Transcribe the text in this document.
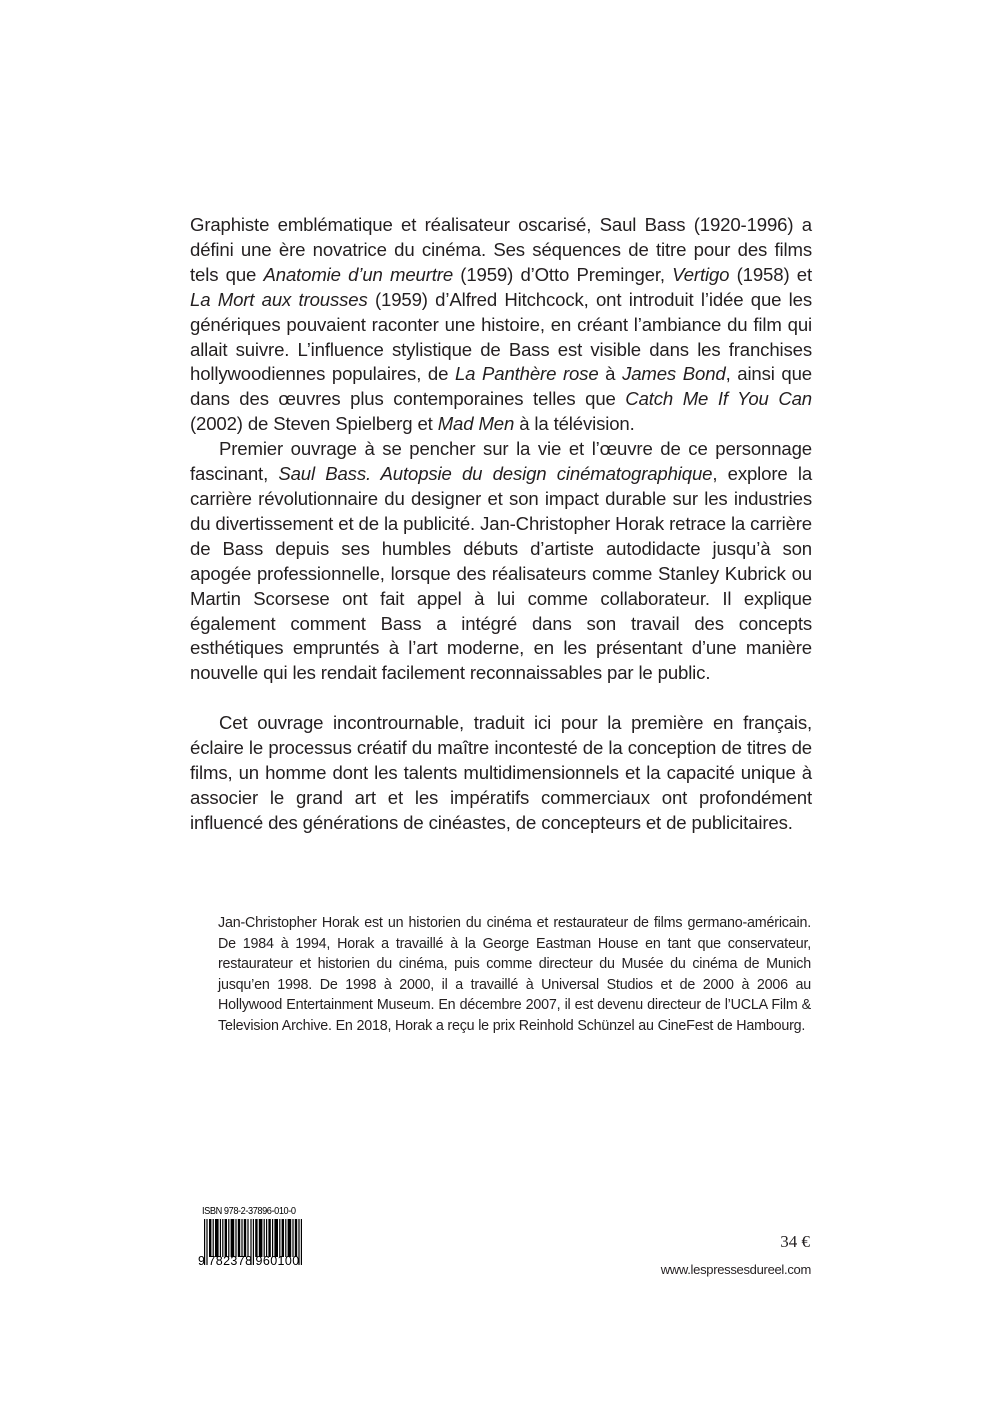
Graphiste emblématique et réalisateur oscarisé, Saul Bass (1920-1996) a défini une ère novatrice du cinéma. Ses séquences de titre pour des films tels que Anatomie d’un meurtre (1959) d’Otto Preminger, Vertigo (1958) et La Mort aux trousses (1959) d’Alfred Hitchcock, ont introduit l’idée que les génériques pouvaient raconter une histoire, en créant l’ambiance du film qui allait suivre. L’influence stylistique de Bass est visible dans les franchises hollywoodiennes populaires, de La Panthère rose à James Bond, ainsi que dans des œuvres plus contemporaines telles que Catch Me If You Can (2002) de Steven Spielberg et Mad Men à la télévision.

Premier ouvrage à se pencher sur la vie et l’œuvre de ce personnage fascinant, Saul Bass. Autopsie du design cinématographique, explore la carrière révolutionnaire du designer et son impact durable sur les industries du divertissement et de la publicité. Jan-Christopher Horak retrace la carrière de Bass depuis ses humbles débuts d’artiste autodidacte jusqu’à son apogée professionnelle, lorsque des réalisateurs comme Stanley Kubrick ou Martin Scorsese ont fait appel à lui comme collaborateur. Il explique également comment Bass a intégré dans son travail des concepts esthétiques empruntés à l’art moderne, en les présentant d’une manière nouvelle qui les rendait facilement reconnaissables par le public.

Cet ouvrage incontrournable, traduit ici pour la première en français, éclaire le processus créatif du maître incontesté de la conception de titres de films, un homme dont les talents multidimensionnels et la capacité unique à associer le grand art et les impératifs commerciaux ont profondément influencé des générations de cinéastes, de concepteurs et de publicitaires.

Jan-Christopher Horak est un historien du cinéma et restaurateur de films germano-américain. De 1984 à 1994, Horak a travaillé à la George Eastman House en tant que conservateur, restaurateur et historien du cinéma, puis comme directeur du Musée du cinéma de Munich jusqu’en 1998. De 1998 à 2000, il a travaillé à Universal Studios et de 2000 à 2006 au Hollywood Entertainment Museum. En décembre 2007, il est devenu directeur de l’UCLA Film & Television Archive. En 2018, Horak a reçu le prix Reinhold Schünzel au CineFest de Hambourg.

ISBN 978-2-37896-010-0
9 782378 960100
34 €
www.lespressesdureel.com
